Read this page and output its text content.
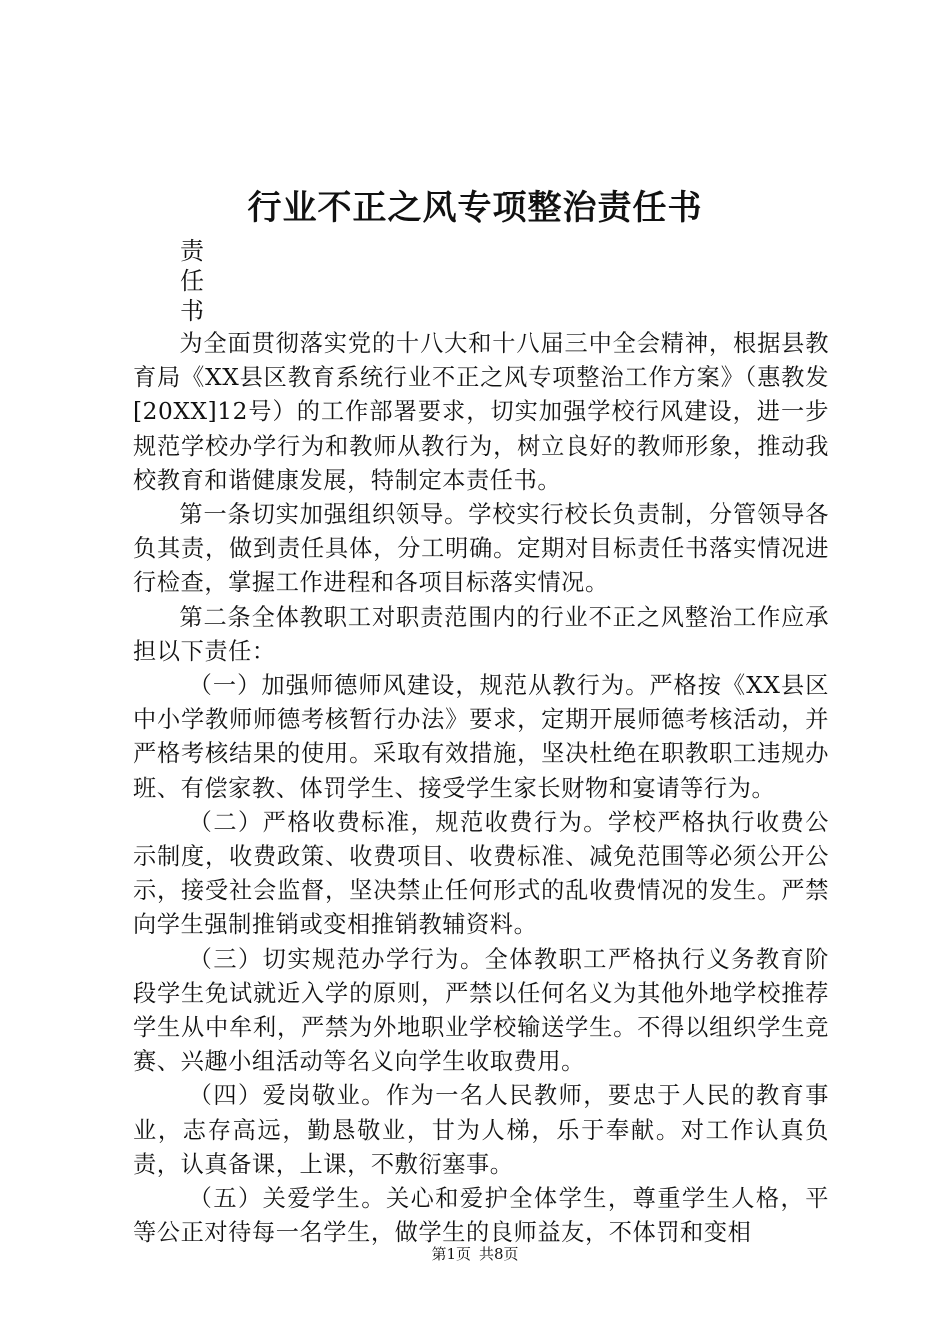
行业不正之风专项整治责任书
责
任
书

为全面贯彻落实党的十八大和十八届三中全会精神，根据县教育局《XX县区教育系统行业不正之风专项整治工作方案》（惠教发[20XX]12号）的工作部署要求，切实加强学校行风建设，进一步规范学校办学行为和教师从教行为，树立良好的教师形象，推动我校教育和谐健康发展，特制定本责任书。

第一条切实加强组织领导。学校实行校长负责制，分管领导各负其责，做到责任具体，分工明确。定期对目标责任书落实情况进行检查，掌握工作进程和各项目标落实情况。

第二条全体教职工对职责范围内的行业不正之风整治工作应承担以下责任：

（一）加强师德师风建设，规范从教行为。严格按《XX县区中小学教师师德考核暂行办法》要求，定期开展师德考核活动，并严格考核结果的使用。采取有效措施，坚决杜绝在职教职工违规办班、有偿家教、体罚学生、接受学生家长财物和宴请等行为。

（二）严格收费标准，规范收费行为。学校严格执行收费公示制度，收费政策、收费项目、收费标准、减免范围等必须公开公示，接受社会监督，坚决禁止任何形式的乱收费情况的发生。严禁向学生强制推销或变相推销教辅资料。

（三）切实规范办学行为。全体教职工严格执行义务教育阶段学生免试就近入学的原则，严禁以任何名义为其他外地学校推荐学生从中牟利，严禁为外地职业学校输送学生。不得以组织学生竞赛、兴趣小组活动等名义向学生收取费用。

（四）爱岗敬业。作为一名人民教师，要忠于人民的教育事业，志存高远，勤恳敬业，甘为人梯，乐于奉献。对工作认真负责，认真备课，上课，不敷衍塞事。

（五）关爱学生。关心和爱护全体学生，尊重学生人格，平等公正对待每一名学生，做学生的良师益友，不体罚和变相

第1页 共8页
